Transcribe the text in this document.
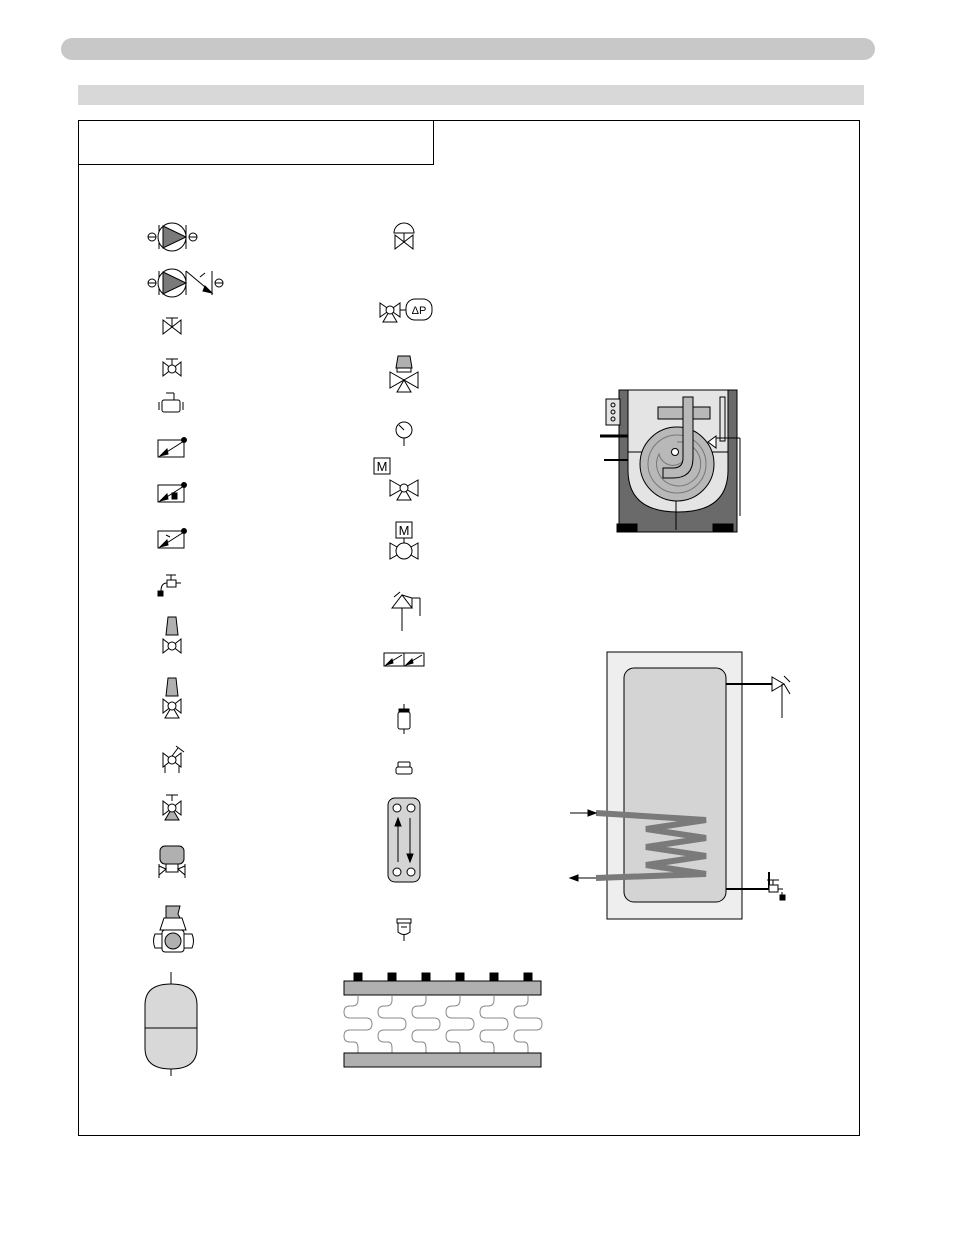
ΔP
M
M
